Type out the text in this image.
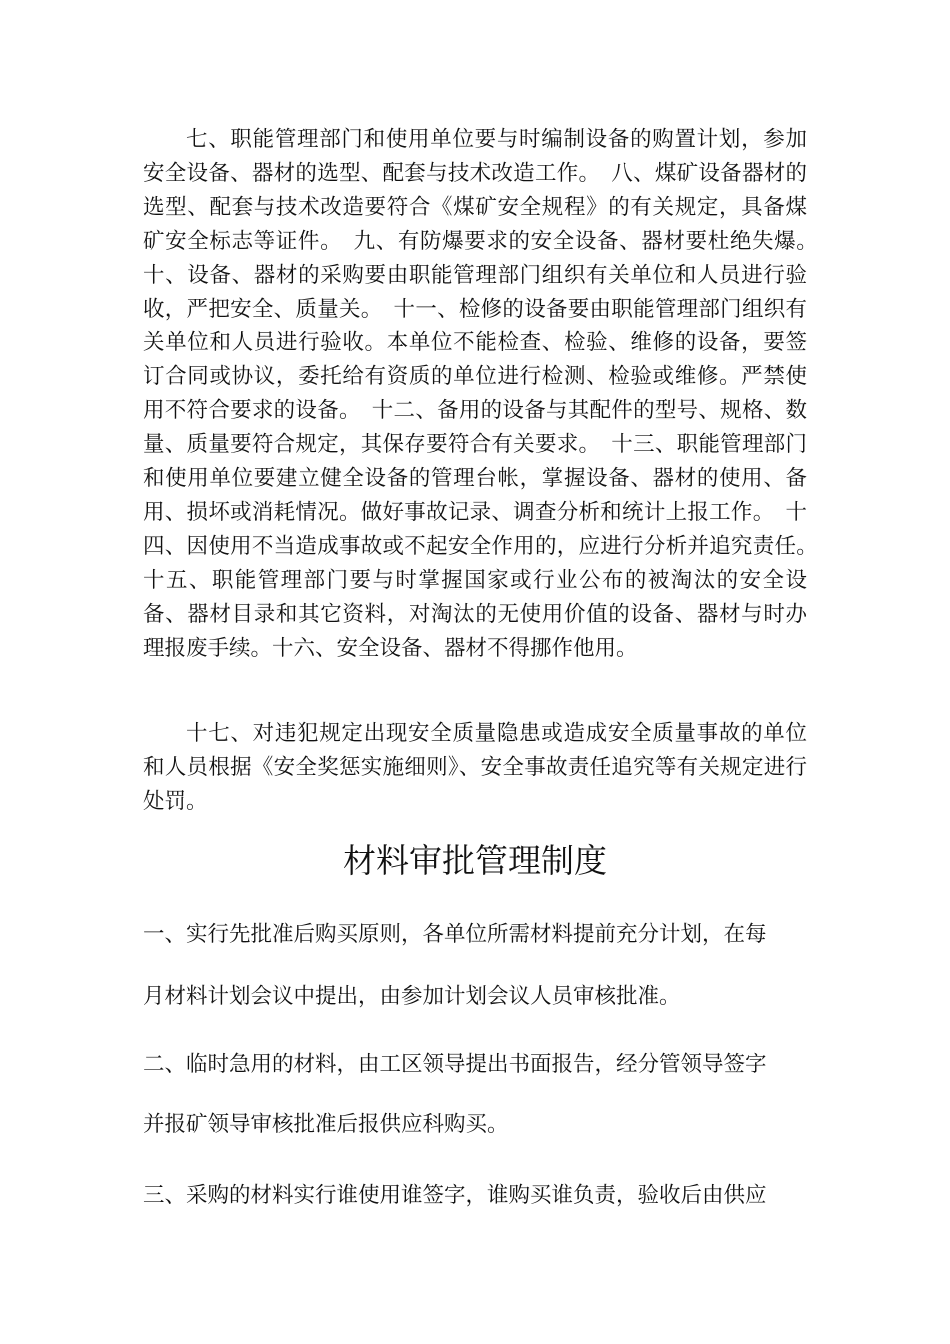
七、职能管理部门和使用单位要与时编制设备的购置计划，参加安全设备、器材的选型、配套与技术改造工作。　八、煤矿设备器材的选型、配套与技术改造要符合《煤矿安全规程》的有关规定，具备煤矿安全标志等证件。　九、有防爆要求的安全设备、器材要杜绝失爆。　十、设备、器材的采购要由职能管理部门组织有关单位和人员进行验收，严把安全、质量关。　十一、检修的设备要由职能管理部门组织有关单位和人员进行验收。本单位不能检查、检验、维修的设备，要签订合同或协议，委托给有资质的单位进行检测、检验或维修。严禁使用不符合要求的设备。　十二、备用的设备与其配件的型号、规格、数量、质量要符合规定，其保存要符合有关要求。　十三、职能管理部门和使用单位要建立健全设备的管理台帐，掌握设备、器材的使用、备用、损坏或消耗情况。做好事故记录、调查分析和统计上报工作。　十四、因使用不当造成事故或不起安全作用的，应进行分析并追究责任。　十五、职能管理部门要与时掌握国家或行业公布的被淘汰的安全设备、器材目录和其它资料，对淘汰的无使用价值的设备、器材与时办理报废手续。十六、安全设备、器材不得挪作他用。

十七、对违犯规定出现安全质量隐患或造成安全质量事故的单位和人员根据《安全奖惩实施细则》、安全事故责任追究等有关规定进行处罚。

材料审批管理制度

一、实行先批准后购买原则，各单位所需材料提前充分计划，在每

月材料计划会议中提出，由参加计划会议人员审核批准。

二、临时急用的材料，由工区领导提出书面报告，经分管领导签字

并报矿领导审核批准后报供应科购买。

三、采购的材料实行谁使用谁签字，谁购买谁负责，验收后由供应
